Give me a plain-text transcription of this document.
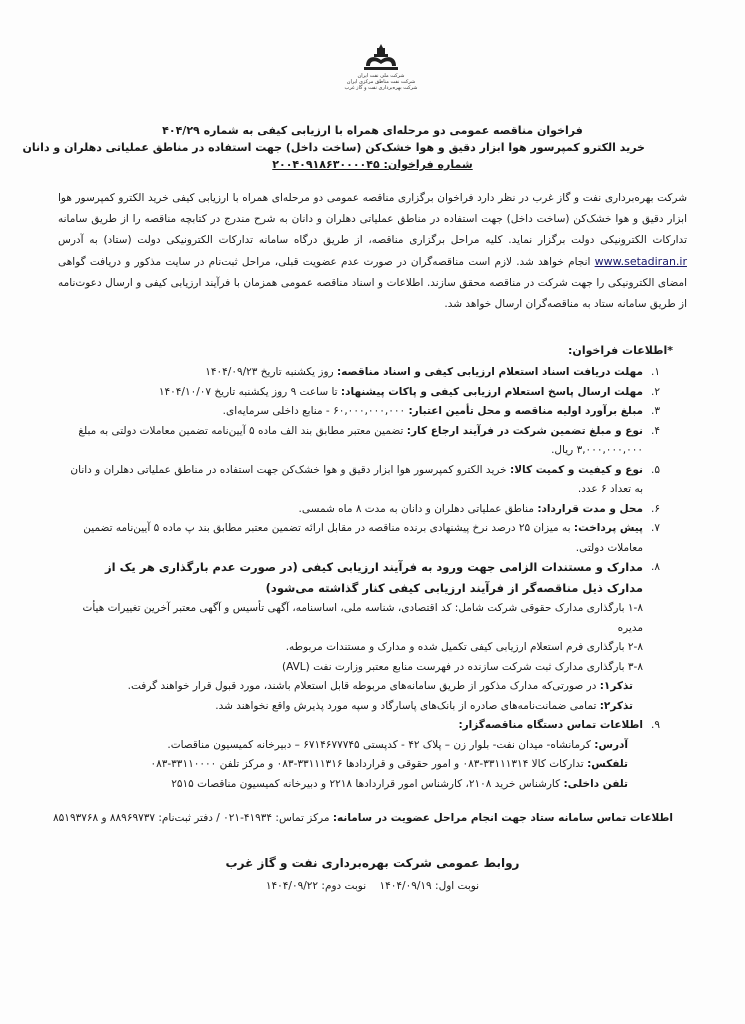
شرکت ملی نفت ایران
شرکت نفت مناطق مرکزی ایران
شرکت بهره‌برداری نفت و گاز غرب
فراخوان مناقصه عمومی دو مرحله‌ای همراه با ارزیابی کیفی به شماره ۴۰۴/۲۹
خرید الکترو کمپرسور هوا ابزار دقیق و هوا خشک‌کن (ساخت داخل) جهت استفاده در مناطق عملیاتی دهلران و دانان
شماره فراخوان: ۲۰۰۴۰۹۱۸۶۳۰۰۰۰۴۵
شرکت بهره‌برداری نفت و گاز غرب در نظر دارد فراخوان برگزاری مناقصه عمومی دو مرحله‌ای همراه با ارزیابی کیفی خرید الکترو کمپرسور هوا ابزار دقیق و هوا خشک‌کن (ساخت داخل) جهت استفاده در مناطق عملیاتی دهلران و دانان به شرح مندرج در کتابچه مناقصه را از طریق سامانه تدارکات الکترونیکی دولت برگزار نماید. کلیه مراحل برگزاری مناقصه، از طریق درگاه سامانه تدارکات الکترونیکی دولت (ستاد) به آدرس www.setadiran.ir انجام خواهد شد. لازم است مناقصه‌گران در صورت عدم عضویت قبلی، مراحل ثبت‌نام در سایت مذکور و دریافت گواهی امضای الکترونیکی را جهت شرکت در مناقصه محقق سازند. اطلاعات و اسناد مناقصه عمومی همزمان با فرآیند ارزیابی کیفی و ارسال دعوت‌نامه از طریق سامانه ستاد به مناقصه‌گران ارسال خواهد شد.
*اطلاعات فراخوان:
۱.
مهلت دریافت اسناد استعلام ارزیابی کیفی و اسناد مناقصه: روز یکشنبه تاریخ ۱۴۰۴/۰۹/۲۳
۲.
مهلت ارسال پاسخ استعلام ارزیابی کیفی و پاکات پیشنهاد: تا ساعت ۹ روز یکشنبه تاریخ ۱۴۰۴/۱۰/۰۷
۳.
مبلغ برآورد اولیه مناقصه و محل تأمین اعتبار: ۶۰,۰۰۰,۰۰۰,۰۰۰ - منابع داخلی سرمایه‌ای.
۴.
نوع و مبلغ تضمین شرکت در فرآیند ارجاع کار: تضمین معتبر مطابق بند الف ماده ۵ آیین‌نامه تضمین معاملات دولتی به مبلغ ۳,۰۰۰,۰۰۰,۰۰۰ ریال.
۵.
نوع و کیفیت و کمیت کالا: خرید الکترو کمپرسور هوا ابزار دقیق و هوا خشک‌کن جهت استفاده در مناطق عملیاتی دهلران و دانان به تعداد ۶ عدد.
۶.
محل و مدت قرارداد: مناطق عملیاتی دهلران و دانان به مدت ۸ ماه شمسی.
۷.
پیش پرداخت: به میزان ۲۵ درصد نرخ پیشنهادی برنده مناقصه در مقابل ارائه تضمین معتبر مطابق بند پ ماده ۵ آیین‌نامه تضمین معاملات دولتی.
۸.
مدارک و مستندات الزامی جهت ورود به فرآیند ارزیابی کیفی (در صورت عدم بارگذاری هر یک از مدارک ذیل مناقصه‌گر از فرآیند ارزیابی کیفی کنار گذاشته می‌شود)
۱-۸ بارگذاری مدارک حقوقی شرکت شامل: کد اقتصادی، شناسه ملی، اساسنامه، آگهی تأسیس و آگهی معتبر آخرین تغییرات هیأت مدیره
۲-۸ بارگذاری فرم استعلام ارزیابی کیفی تکمیل شده و مدارک و مستندات مربوطه.
۳-۸ بارگذاری مدارک ثبت شرکت سازنده در فهرست منابع معتبر وزارت نفت (AVL)
تذکر۱: در صورتی‌که مدارک مذکور از طریق سامانه‌های مربوطه قابل استعلام باشند، مورد قبول قرار خواهند گرفت.
تذکر۲: تمامی ضمانت‌نامه‌های صادره از بانک‌های پاسارگاد و سپه مورد پذیرش واقع نخواهند شد.
۹.
اطلاعات تماس دستگاه مناقصه‌گزار:
آدرس: کرمانشاه- میدان نفت- بلوار زن – پلاک ۴۲ - کدپستی ۶۷۱۴۶۷۷۷۴۵ – دبیرخانه کمیسیون مناقصات.
تلفکس: تدارکات کالا ۳۳۱۱۱۳۱۴-۰۸۳ و امور حقوقی و قراردادها ۳۳۱۱۱۳۱۶-۰۸۳ و مرکز تلفن ۳۳۱۱۰۰۰۰-۰۸۳
تلفن داخلی: کارشناس خرید ۲۱۰۸، کارشناس امور قراردادها ۲۲۱۸ و دبیرخانه کمیسیون مناقصات ۲۵۱۵
اطلاعات تماس سامانه ستاد جهت انجام مراحل عضویت در سامانه: مرکز تماس: ۴۱۹۳۴-۰۲۱ / دفتر ثبت‌نام: ۸۸۹۶۹۷۳۷ و ۸۵۱۹۳۷۶۸
روابط عمومی شرکت بهره‌برداری نفت و گاز غرب
نوبت اول: ۱۴۰۴/۰۹/۱۹    نوبت دوم: ۱۴۰۴/۰۹/۲۲
